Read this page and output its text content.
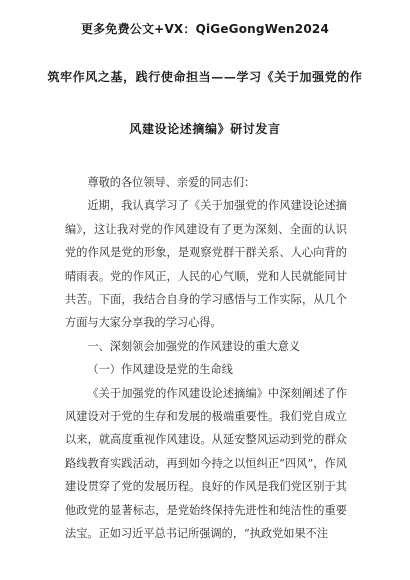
更多免费公文+VX：QiGeGongWen2024
筑牢作风之基，践行使命担当——学习《关于加强党的作
风建设论述摘编》研讨发言

尊敬的各位领导、亲爱的同志们：

近期，我认真学习了《关于加强党的作风建设论述摘编》，这让我对党的作风建设有了更为深刻、全面的认识党的作风是党的形象，是观察党群干群关系、人心向背的晴雨表。党的作风正，人民的心气顺，党和人民就能同甘共苦。下面，我结合自身的学习感悟与工作实际，从几个方面与大家分享我的学习心得。

一、深刻领会加强党的作风建设的重大意义

（一）作风建设是党的生命线

《关于加强党的作风建设论述摘编》中深刻阐述了作风建设对于党的生存和发展的极端重要性。我们党自成立以来，就高度重视作风建设。从延安整风运动到党的群众路线教育实践活动，再到如今持之以恒纠正“四风”，作风建设贯穿了党的发展历程。良好的作风是我们党区别于其他政党的显著标志，是党始终保持先进性和纯洁性的重要法宝。正如习近平总书记所强调的，“执政党如果不注
